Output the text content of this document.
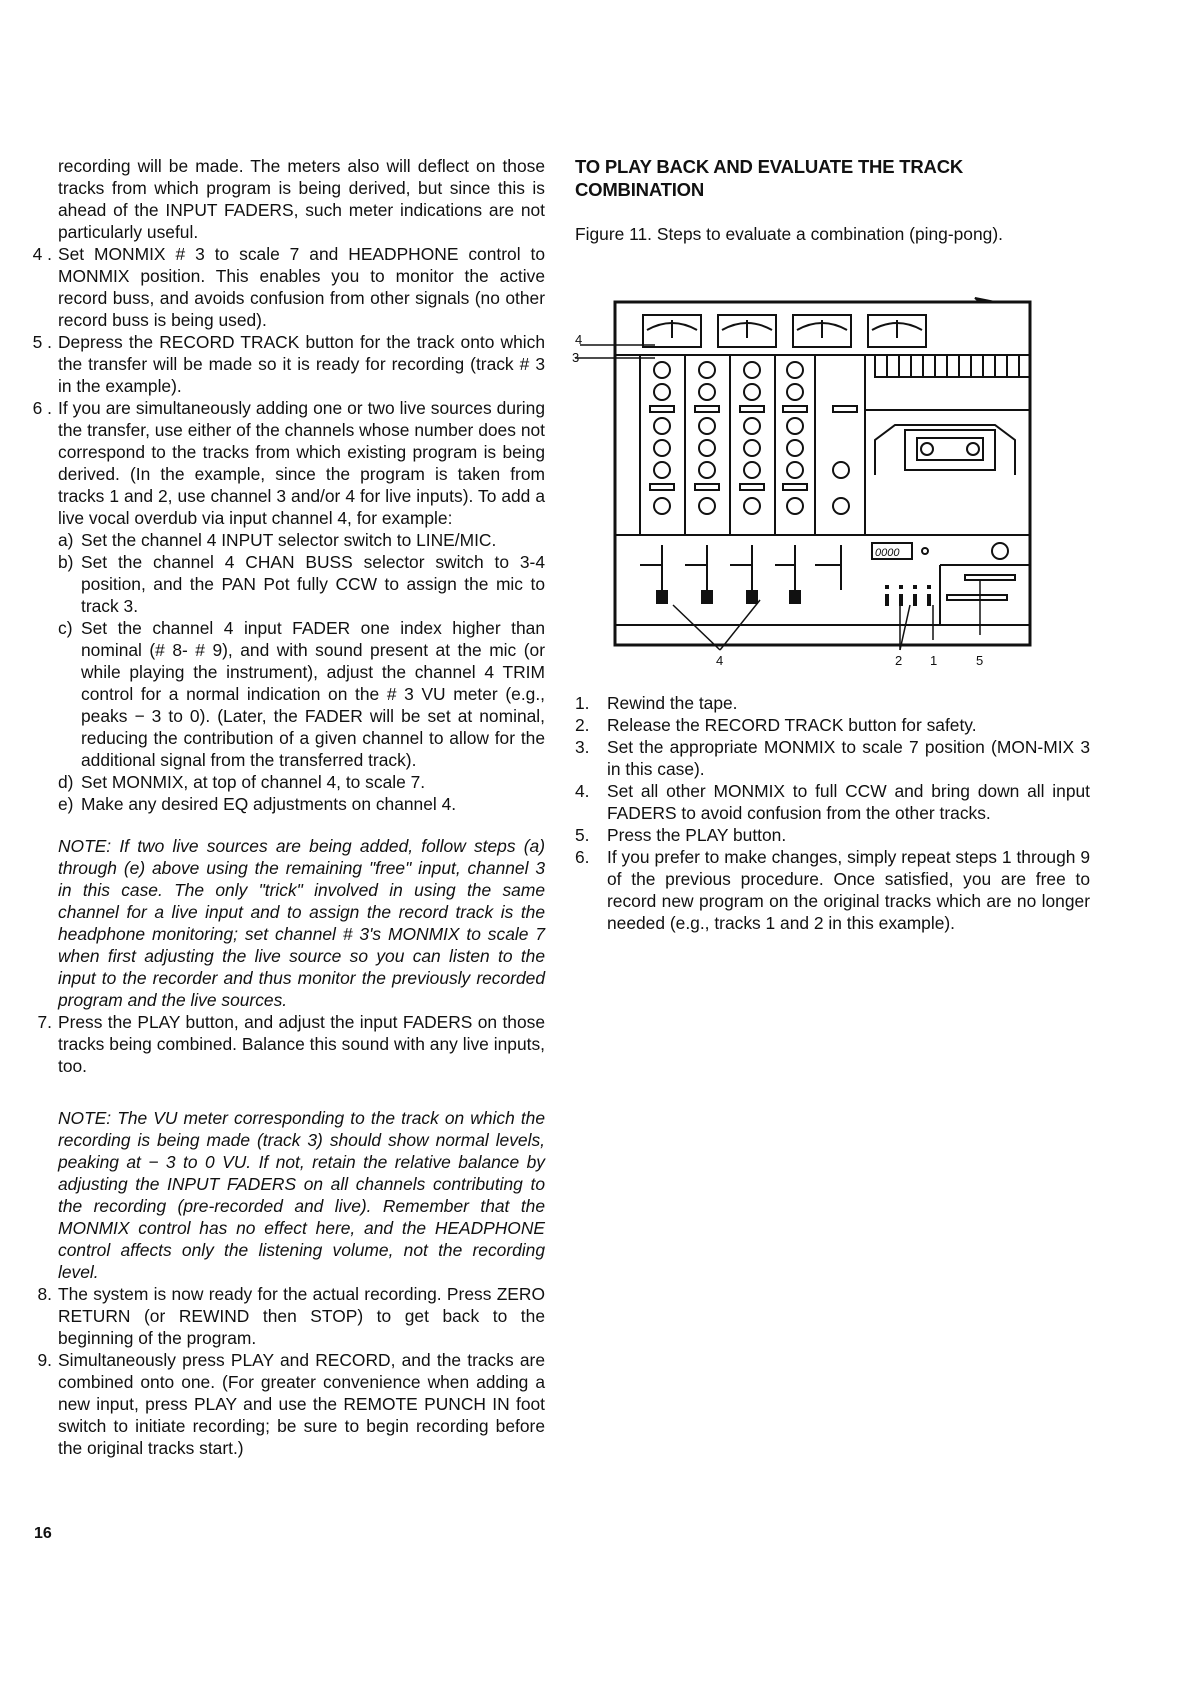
recording will be made. The meters also will deflect on those tracks from which program is being derived, but since this is ahead of the INPUT FADERS, such meter indications are not particularly useful.

4 . Set MONMIX # 3 to scale 7 and HEADPHONE control to MONMIX position. This enables you to monitor the active record buss, and avoids confusion from other signals (no other record buss is being used).
5 . Depress the RECORD TRACK button for the track onto which the transfer will be made so it is ready for recording (track # 3 in the example).
6 . If you are simultaneously adding one or two live sources during the transfer, use either of the channels whose number does not correspond to the tracks from which existing program is being derived. (In the example, since the program is taken from tracks 1 and 2, use channel 3 and/or 4 for live inputs). To add a live vocal overdub via input channel 4, for example:
a) Set the channel 4 INPUT selector switch to LINE/MIC.
b) Set the channel 4 CHAN BUSS selector switch to 3-4 position, and the PAN Pot fully CCW to assign the mic to track 3.
c) Set the channel 4 input FADER one index higher than nominal (# 8- # 9), and with sound present at the mic (or while playing the instrument), adjust the channel 4 TRIM control for a normal indication on the # 3 VU meter (e.g., peaks − 3 to 0). (Later, the FADER will be set at nominal, reducing the contribution of a given channel to allow for the additional signal from the transferred track).
d) Set MONMIX, at top of channel 4, to scale 7.
e) Make any desired EQ adjustments on channel 4.

NOTE: If two live sources are being added, follow steps (a) through (e) above using the remaining "free" input, channel 3 in this case. The only "trick" involved in using the same channel for a live input and to assign the record track is the headphone monitoring; set channel # 3's MONMIX to scale 7 when first adjusting the live source so you can listen to the input to the recorder and thus monitor the previously recorded program and the live sources.

7. Press the PLAY button, and adjust the input FADERS on those tracks being combined. Balance this sound with any live inputs, too.

NOTE: The VU meter corresponding to the track on which the recording is being made (track 3) should show normal levels, peaking at − 3 to 0 VU. If not, retain the relative balance by adjusting the INPUT FADERS on all channels contributing to the recording (pre-recorded and live). Remember that the MONMIX control has no effect here, and the HEADPHONE control affects only the listening volume, not the recording level.

8. The system is now ready for the actual recording. Press ZERO RETURN (or REWIND then STOP) to get back to the beginning of the program.
9. Simultaneously press PLAY and RECORD, and the tracks are combined onto one. (For greater convenience when adding a new input, press PLAY and use the REMOTE PUNCH IN foot switch to initiate recording; be sure to begin recording before the original tracks start.)
TO PLAY BACK AND EVALUATE THE TRACK COMBINATION

Figure 11. Steps to evaluate a combination (ping-pong).

4
3
4	2 1	5
0000
1. Rewind the tape.
2. Release the RECORD TRACK button for safety.
3. Set the appropriate MONMIX to scale 7 position (MON-MIX 3 in this case).
4. Set all other MONMIX to full CCW and bring down all input FADERS to avoid confusion from the other tracks.
5. Press the PLAY button.
6. If you prefer to make changes, simply repeat steps 1 through 9 of the previous procedure. Once satisfied, you are free to record new program on the original tracks which are no longer needed (e.g., tracks 1 and 2 in this example).
16
